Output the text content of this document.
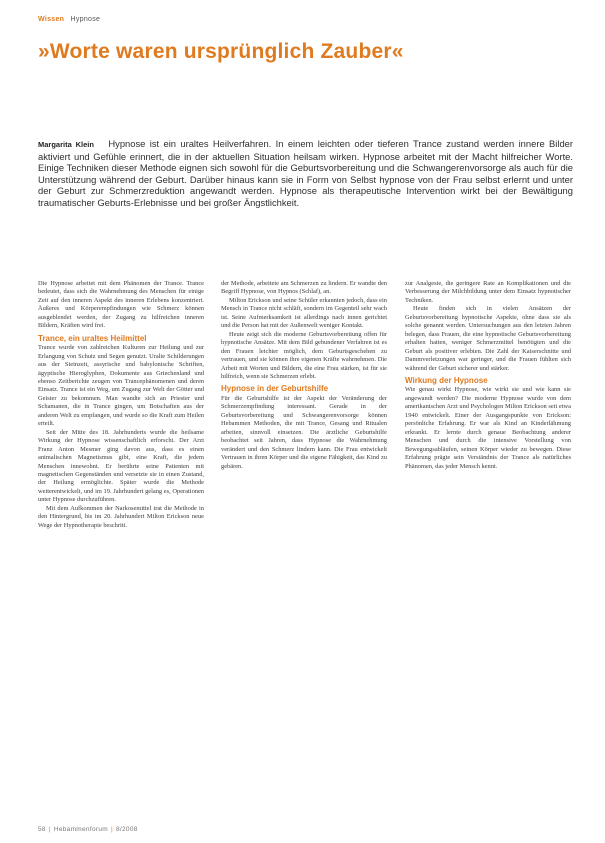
Wissen Hypnose
»Worte waren ursprünglich Zauber«

Margarita Klein Hypnose ist ein uraltes Heilverfahren. In einem leichten oder tieferen Trance zustand werden innere Bilder aktiviert und Gefühle erinnert, die in der aktuellen Situation heilsam wirken. Hypnose arbeitet mit der Macht hilfreicher Worte. Einige Techniken dieser Methode eignen sich sowohl für die Geburtsvorbereitung und die Schwangerenvorsorge als auch für die Unterstützung während der Geburt. Darüber hinaus kann sie in Form von Selbst hypnose von der Frau selbst erlernt und unter der Geburt zur Schmerzreduktion angewandt werden. Hypnose als therapeutische Intervention wirkt bei der Bewältigung traumatischer Geburts-Erlebnisse und bei großer Ängstlichkeit.

Die Hypnose arbeitet mit dem Phänomen der Trance. Trance bedeutet, dass sich die Wahrnehmung des Menschen für einige Zeit auf den inneren Aspekt des inneren Erlebens konzentriert. Äußeres und Körperempfindungen wie Schmerz können ausgeblendet werden, der Zugang zu hilfreichen inneren Bildern, Kräften wird frei.

Trance, ein uraltes Heilmittel

Trance wurde von zahlreichen Kulturen zur Heilung und zur Erlangung von Schutz und Segen genutzt. Uralte Schilderungen aus der Steinzeit, assyrische und babylonische Schriften, ägyptische Hieroglyphen, Dokumente aus Griechenland und ebenso Zeitberichte zeugen von Trancephänomenen und deren Einsatz. Trance ist ein Weg, um Zugang zur Welt der Götter und Geister zu bekommen. Man wandte sich an Priester und Schamanen, die in Trance gingen, um Botschaften aus der anderen Welt zu empfangen, und wurde so die Kraft zum Heilen erteilt.

Seit der Mitte des 18. Jahrhunderts wurde die heilsame Wirkung der Hypnose wissenschaftlich erforscht. Der Arzt Franz Anton Mesmer ging davon aus, dass es einen animalischen Magnetismus gibt, eine Kraft, die jedem Menschen innewohnt. Er berührte seine Patienten mit magnetischen Gegenständen und versetzte sie in einen Zustand, der Heilung ermöglichte. Später wurde die Methode weiterentwickelt, und im 19. Jahrhundert gelang es, Operationen unter Hypnose durchzuführen.

Mit dem Aufkommen der Narkosemittel trat die Methode in den Hintergrund, bis im 20. Jahrhundert Milton Erickson neue Wege der Hypnotherapie beschritt.

der Methode, arbeitete am Schmerzen zu lindern. Er wandte den Begriff Hypnose, von Hypnos (Schlaf), an.

Milton Erickson und seine Schüler erkannten jedoch, dass ein Mensch in Trance nicht schläft, sondern im Gegenteil sehr wach ist. Seine Aufmerksamkeit ist allerdings nach innen gerichtet und die Person hat mit der Außenwelt weniger Kontakt.

Heute zeigt sich die moderne Geburtsvorbereitung offen für hypnotische Ansätze. Mit dem Bild gebundener Verfahren ist es den Frauen leichter möglich, dem Geburtsgeschehen zu vertrauen, und sie können ihre eigenen Kräfte wahrnehmen. Die Arbeit mit Worten und Bildern, die eine Frau stärken, ist für sie hilfreich, wenn sie Schmerzen erlebt.

Hypnose in der Geburtshilfe

Für die Geburtshilfe ist der Aspekt der Veränderung der Schmerzempfindung interessant. Gerade in der Geburtsvorbereitung und Schwangerenvorsorge können Hebammen Methoden, die mit Trance, Gesang und Ritualen arbeiten, sinnvoll einsetzen. Die ärztliche Geburtshilfe beobachtet seit Jahren, dass Hypnose die Wahrnehmung verändert und den Schmerz lindern kann. Die Frau entwickelt Vertrauen in ihren Körper und die eigene Fähigkeit, das Kind zu gebären.

zur Analgesie, die geringere Rate an Komplikationen und die Verbesserung der Milchbildung unter dem Einsatz hypnotischer Techniken.

Heute finden sich in vielen Ansätzen der Geburtsvorbereitung hypnotische Aspekte, ohne dass sie als solche genannt werden. Untersuchungen aus den letzten Jahren belegen, dass Frauen, die eine hypnotische Geburtsvorbereitung erhalten hatten, weniger Schmerzmittel benötigten und die Geburt als positiver erlebten. Die Zahl der Kaiserschnitte und Dammverletzungen war geringer, und die Frauen fühlten sich während der Geburt sicherer und stärker.

Wirkung der Hypnose

Wie genau wirkt Hypnose, wie wirkt sie und wie kann sie angewandt werden? Die moderne Hypnose wurde von dem amerikanischen Arzt und Psychologen Milton Erickson seit etwa 1940 entwickelt. Einer der Ausgangspunkte von Erickson: persönliche Erfahrung. Er war als Kind an Kinderlähmung erkrankt. Er lernte durch genaue Beobachtung anderer Menschen und durch die intensive Vorstellung von Bewegungsabläufen, seinen Körper wieder zu bewegen. Diese Erfahrung prägte sein Verständnis der Trance als natürliches Phänomen, das jeder Mensch kennt.

58 | Hebammenforum | 8/2008
